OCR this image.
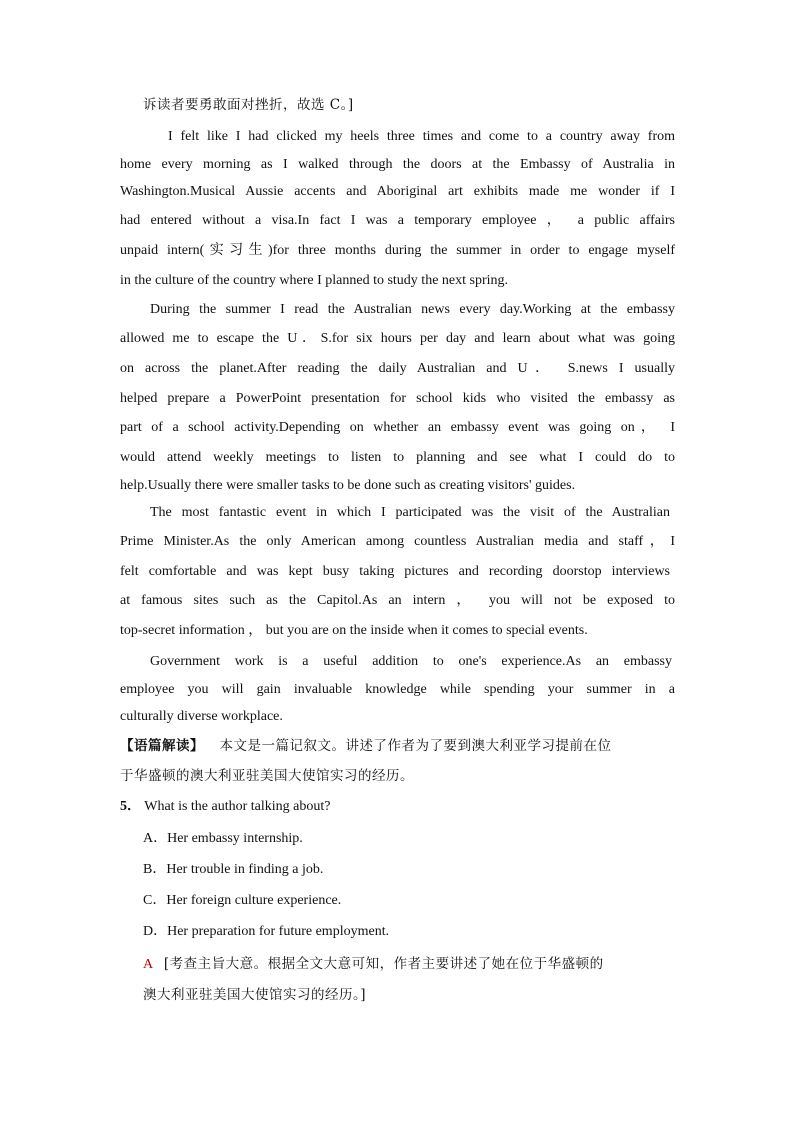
诉读者要勇敢面对挫折，故选 C。]
I felt like I had clicked my heels three times and come to a country away from
home every morning as I walked through the doors at the Embassy of Australia in
Washington.Musical Aussie accents and Aboriginal art exhibits made me wonder if I
had entered without a visa.In fact I was a temporary employee ， a public affairs
unpaid intern(实习生)for three months during the summer in order to engage myself
in the culture of the country where I planned to study the next spring.
During the summer I read the Australian news every day.Working at the embassy
allowed me to escape the U．S.for six hours per day and learn about what was going
on across the planet.After reading the daily Australian and U． S.news I usually
helped prepare a PowerPoint presentation for school kids who visited the embassy as
part of a school activity.Depending on whether an embassy event was going on， I
would attend weekly meetings to listen to planning and see what I could do to
help.Usually there were smaller tasks to be done such as creating visitors' guides.
The most fantastic event in which I participated was the visit of the Australian
Prime Minister.As the only American among countless Australian media and staff，I
felt comfortable and was kept busy taking pictures and recording doorstop interviews
at famous sites such as the Capitol.As an intern ， you will not be exposed to
top-secret information ， but you are on the inside when it comes to special events.
Government work is a useful addition to one's experience.As an embassy
employee you will gain invaluable knowledge while spending your summer in a
culturally diverse workplace.
【语篇解读】 本文是一篇记叙文。讲述了作者为了要到澳大利亚学习提前在位
于华盛顿的澳大利亚驻美国大使馆实习的经历。
5． What is the author talking about?
A．Her embassy internship.
B．Her trouble in finding a job.
C．Her foreign culture experience.
D．Her preparation for future employment.
A [考查主旨大意。根据全文大意可知，作者主要讲述了她在位于华盛顿的
澳大利亚驻美国大使馆实习的经历。]
